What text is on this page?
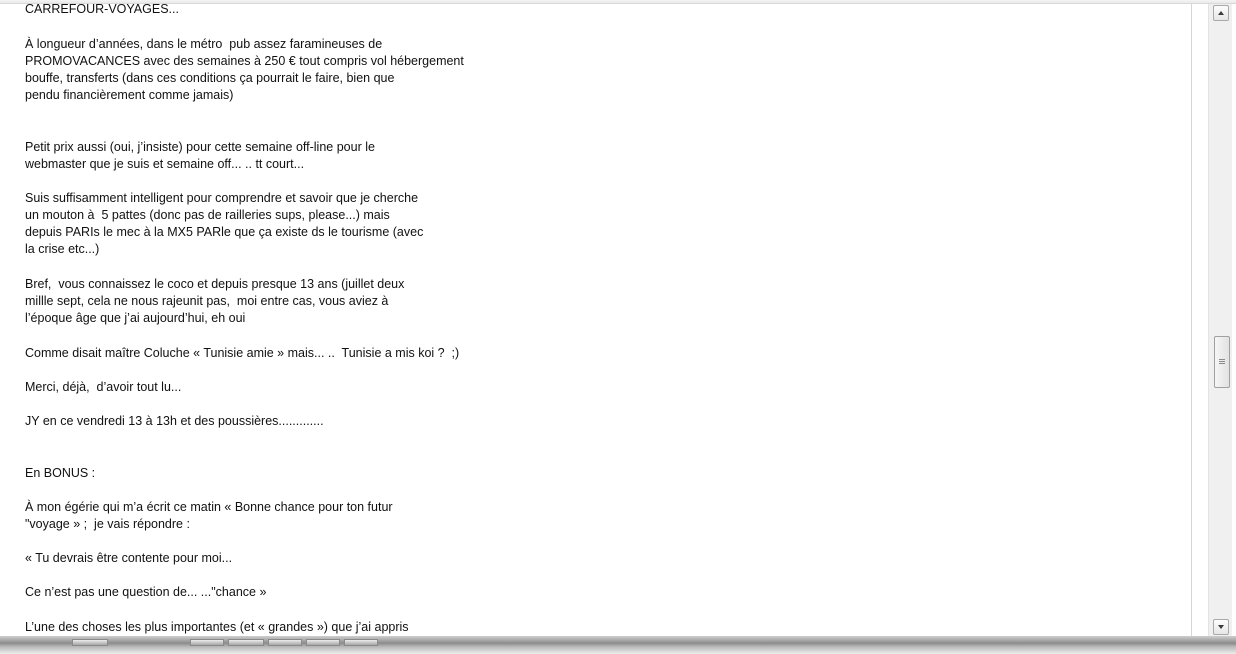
CARREFOUR-VOYAGES...
À longueur d’années, dans le métro  pub assez faramineuses de
PROMOVACANCES avec des semaines à 250 € tout compris vol hébergement
bouffe, transferts (dans ces conditions ça pourrait le faire, bien que
pendu financièrement comme jamais)
Petit prix aussi (oui, j’insiste) pour cette semaine off-line pour le
webmaster que je suis et semaine off... .. tt court...
Suis suffisamment intelligent pour comprendre et savoir que je cherche
un mouton à  5 pattes (donc pas de railleries sups, please...) mais
depuis PARIs le mec à la MX5 PARle que ça existe ds le tourisme (avec
la crise etc...)
Bref,  vous connaissez le coco et depuis presque 13 ans (juillet deux
millle sept, cela ne nous rajeunit pas,  moi entre cas, vous aviez à
l’époque âge que j’ai aujourd’hui, eh oui
Comme disait maître Coluche « Tunisie amie » mais... ..  Tunisie a mis koi ?  ;)
Merci, déjà,  d’avoir tout lu...
JY en ce vendredi 13 à 13h et des poussières.............
En BONUS :
À mon égérie qui m’a écrit ce matin « Bonne chance pour ton futur
"voyage » ;  je vais répondre :
« Tu devrais être contente pour moi...
Ce n’est pas une question de... ..."chance »
L’une des choses les plus importantes (et « grandes ») que j’ai appris
